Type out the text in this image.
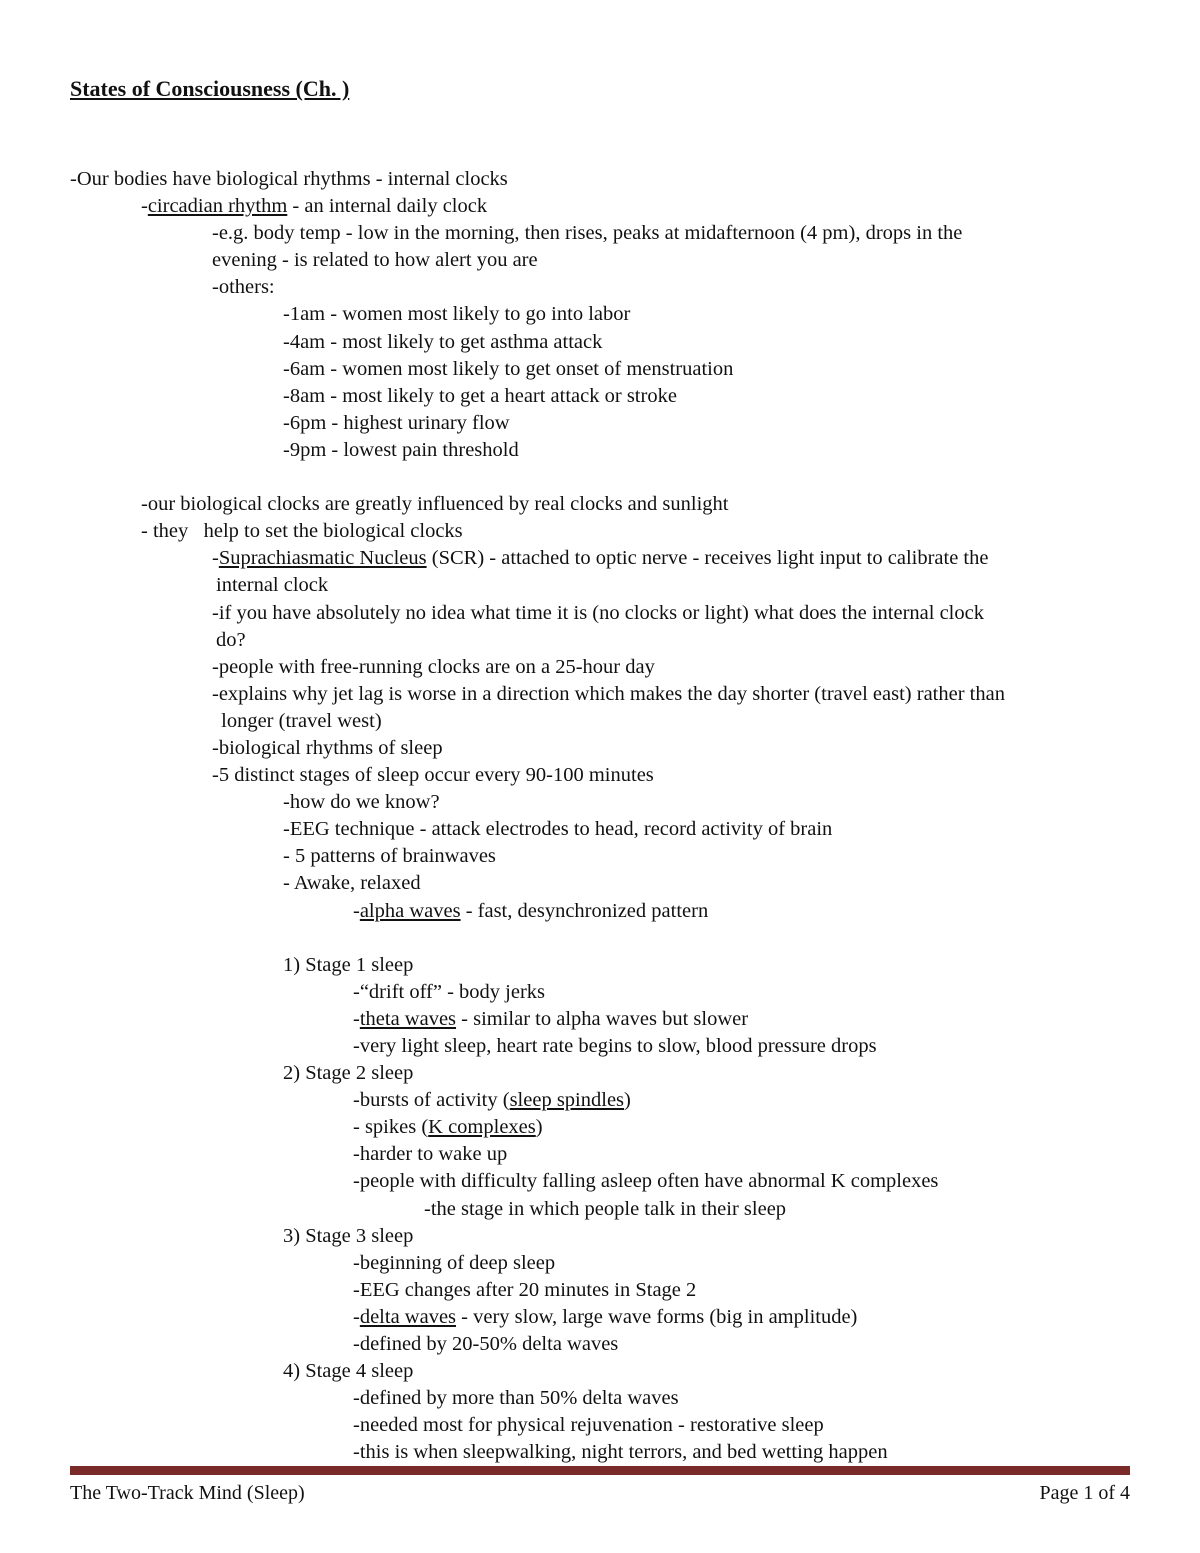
States of Consciousness (Ch. )

-Our bodies have biological rhythms - internal clocks

-circadian rhythm - an internal daily clock

-e.g. body temp - low in the morning, then rises, peaks at midafternoon (4 pm), drops in the

evening - is related to how alert you are

-others:

-1am - women most likely to go into labor

-4am - most likely to get asthma attack

-6am - women most likely to get onset of menstruation

-8am - most likely to get a heart attack or stroke

-6pm - highest urinary flow

-9pm - lowest pain threshold

-our biological clocks are greatly influenced by real clocks and sunlight

- they   help to set the biological clocks

-Suprachiasmatic Nucleus (SCR) - attached to optic nerve - receives light input to calibrate the

internal clock

-if you have absolutely no idea what time it is (no clocks or light) what does the internal clock

do?

-people with free-running clocks are on a 25-hour day

-explains why jet lag is worse in a direction which makes the day shorter (travel east) rather than

longer (travel west)

-biological rhythms of sleep

-5 distinct stages of sleep occur every 90-100 minutes

-how do we know?

-EEG technique - attack electrodes to head, record activity of brain

- 5 patterns of brainwaves

- Awake, relaxed

-alpha waves - fast, desynchronized pattern

1) Stage 1 sleep

-“drift off” - body jerks

-theta waves - similar to alpha waves but slower

-very light sleep, heart rate begins to slow, blood pressure drops

2) Stage 2 sleep

-bursts of activity (sleep spindles)

- spikes (K complexes)

-harder to wake up

-people with difficulty falling asleep often have abnormal K complexes

-the stage in which people talk in their sleep

3) Stage 3 sleep

-beginning of deep sleep

-EEG changes after 20 minutes in Stage 2

-delta waves - very slow, large wave forms (big in amplitude)

-defined by 20-50% delta waves

4) Stage 4 sleep

-defined by more than 50% delta waves

-needed most for physical rejuvenation - restorative sleep

-this is when sleepwalking, night terrors, and bed wetting happen

The Two-Track Mind (Sleep)	Page 1 of 4
